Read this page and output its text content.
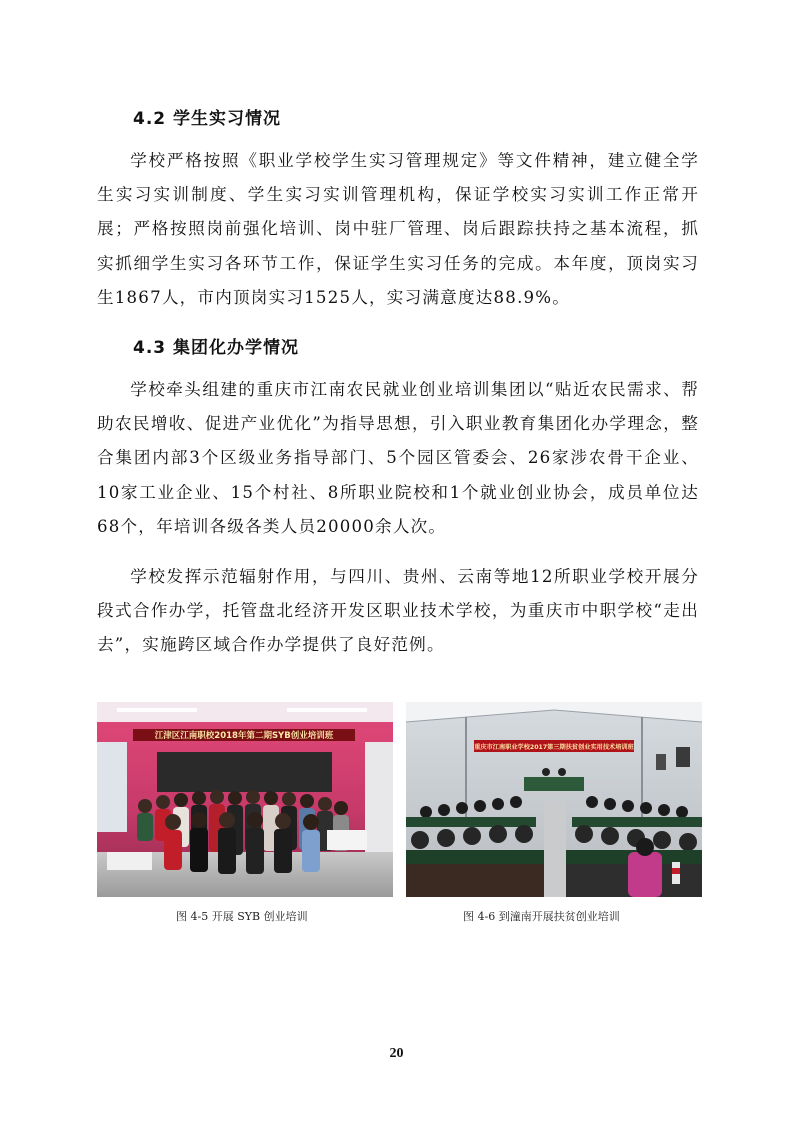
4.2 学生实习情况

学校严格按照《职业学校学生实习管理规定》等文件精神，建立健全学生实习实训制度、学生实习实训管理机构，保证学校实习实训工作正常开展；严格按照岗前强化培训、岗中驻厂管理、岗后跟踪扶持之基本流程，抓实抓细学生实习各环节工作，保证学生实习任务的完成。本年度，顶岗实习生1867人，市内顶岗实习1525人，实习满意度达88.9%。

4.3 集团化办学情况

学校牵头组建的重庆市江南农民就业创业培训集团以“贴近农民需求、帮助农民增收、促进产业优化”为指导思想，引入职业教育集团化办学理念，整合集团内部3个区级业务指导部门、5个园区管委会、26家涉农骨干企业、10家工业企业、15个村社、8所职业院校和1个就业创业协会，成员单位达68个，年培训各级各类人员20000余人次。

学校发挥示范辐射作用，与四川、贵州、云南等地12所职业学校开展分段式合作办学，托管盘北经济开发区职业技术学校，为重庆市中职学校“走出去”，实施跨区域合作办学提供了良好范例。

江津区江南职校2018年第二期SYB创业培训班
重庆市江南职业学校2017第三期扶贫创业实用技术培训班
图 4-5 开展 SYB 创业培训	图 4-6 到潼南开展扶贫创业培训
20
